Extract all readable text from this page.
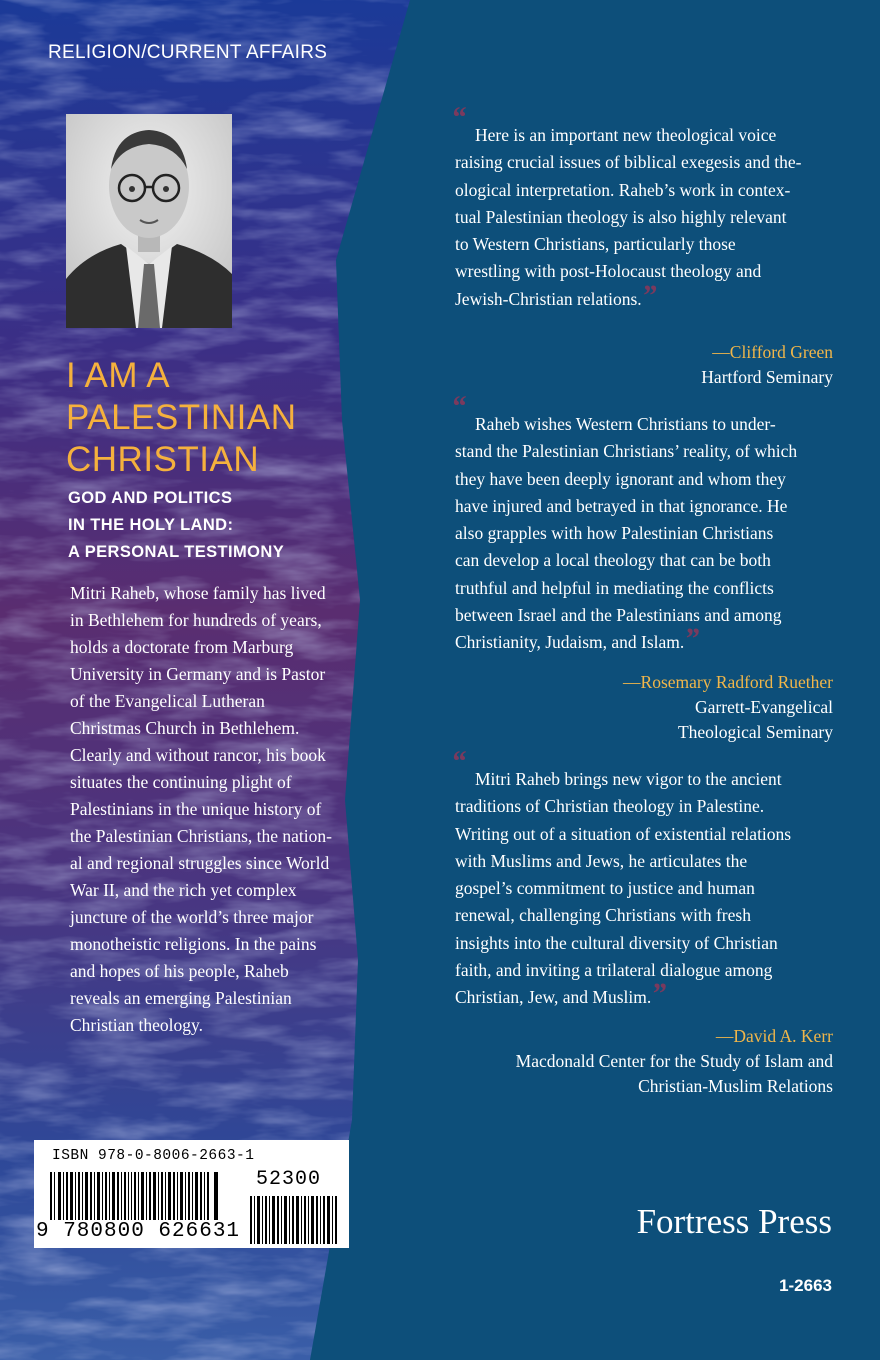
RELIGION/CURRENT AFFAIRS
I AM A
PALESTINIAN
CHRISTIAN
GOD AND POLITICS
IN THE HOLY LAND:
A PERSONAL TESTIMONY
Mitri Raheb, whose family has lived
in Bethlehem for hundreds of years,
holds a doctorate from Marburg
University in Germany and is Pastor
of the Evangelical Lutheran
Christmas Church in Bethlehem.
Clearly and without rancor, his book
situates the continuing plight of
Palestinians in the unique history of
the Palestinian Christians, the nation-
al and regional struggles since World
War II, and the rich yet complex
juncture of the world’s three major
monotheistic religions. In the pains
and hopes of his people, Raheb
reveals an emerging Palestinian
Christian theology.
Here is an important new theological voice
raising crucial issues of biblical exegesis and the-
ological interpretation. Raheb’s work in contex-
tual Palestinian theology is also highly relevant
to Western Christians, particularly those
wrestling with post-Holocaust theology and
Jewish-Christian relations.”
—Clifford Green
Hartford Seminary
Raheb wishes Western Christians to under-
stand the Palestinian Christians’ reality, of which
they have been deeply ignorant and whom they
have injured and betrayed in that ignorance. He
also grapples with how Palestinian Christians
can develop a local theology that can be both
truthful and helpful in mediating the conflicts
between Israel and the Palestinians and among
Christianity, Judaism, and Islam.”
—Rosemary Radford Ruether
Garrett-Evangelical
Theological Seminary
Mitri Raheb brings new vigor to the ancient
traditions of Christian theology in Palestine.
Writing out of a situation of existential relations
with Muslims and Jews, he articulates the
gospel’s commitment to justice and human
renewal, challenging Christians with fresh
insights into the cultural diversity of Christian
faith, and inviting a trilateral dialogue among
Christian, Jew, and Muslim.”
—David A. Kerr
Macdonald Center for the Study of Islam and
Christian-Muslim Relations
ISBN 978-0-8006-2663-1
52300
9 780800 626631	Fortress Press
1-2663
